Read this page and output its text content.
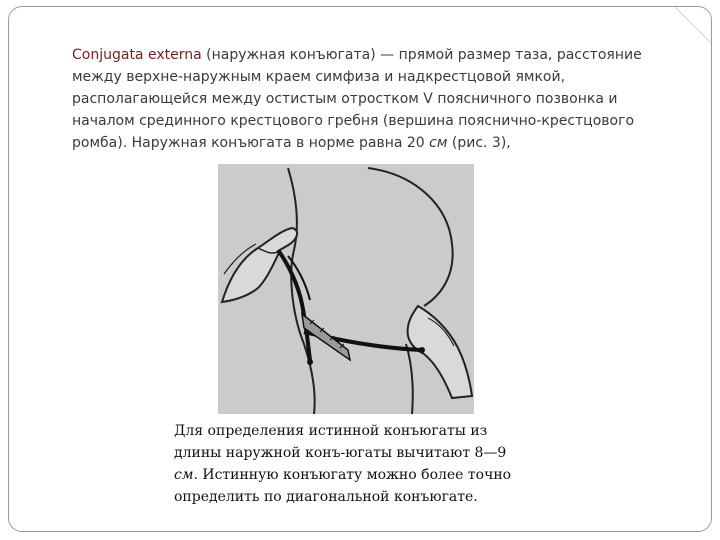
Conjugata externa (наружная конъюгата) — прямой размер таза, расстояние между верхне-наружным краем симфиза и надкрестцовой ямкой, располагающейся между остистым отростком V поясничного позвонка и началом срединного крестцового гребня (вершина пояснично-крестцового ромба). Наружная конъюгата в норме равна 20 см (рис. 3),

Для определения истинной конъюгаты из длины наружной конъ-югаты вычитают 8—9 см. Истинную конъюгату можно более точно определить по диагональной конъюгате.
